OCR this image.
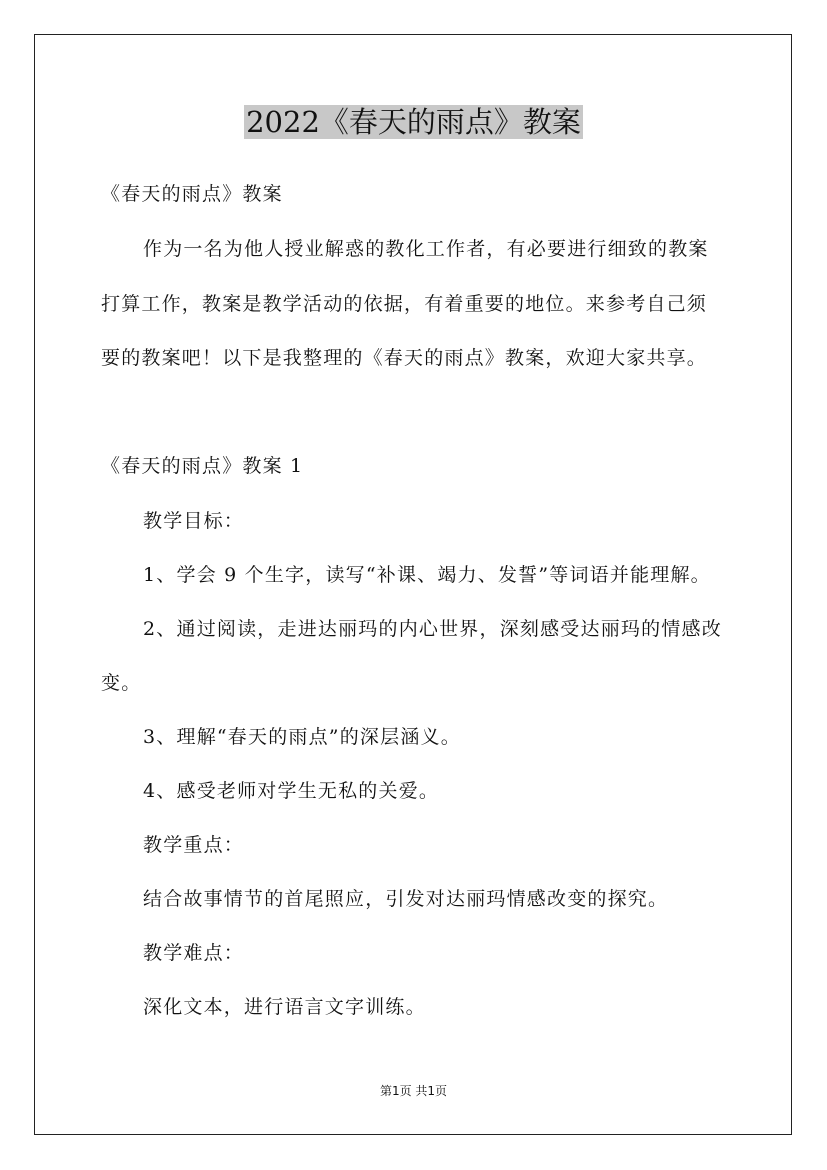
2022《春天的雨点》教案
《春天的雨点》教案
作为一名为他人授业解惑的教化工作者，有必要进行细致的教案
打算工作，教案是教学活动的依据，有着重要的地位。来参考自己须
要的教案吧！以下是我整理的《春天的雨点》教案，欢迎大家共享。
《春天的雨点》教案 1
教学目标：
1、学会 9 个生字，读写“补课、竭力、发誓”等词语并能理解。
2、通过阅读，走进达丽玛的内心世界，深刻感受达丽玛的情感改
变。
3、理解“春天的雨点”的深层涵义。
4、感受老师对学生无私的关爱。
教学重点：
结合故事情节的首尾照应，引发对达丽玛情感改变的探究。
教学难点：
深化文本，进行语言文字训练。
第1页 共1页
